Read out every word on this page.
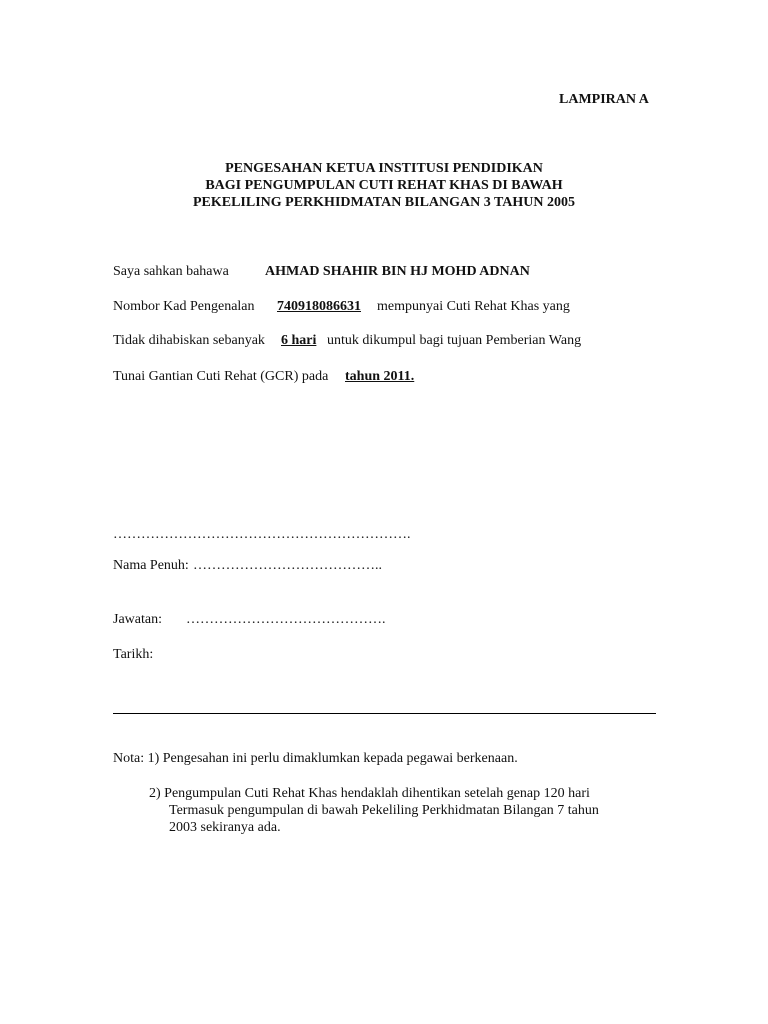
LAMPIRAN A
PENGESAHAN KETUA INSTITUSI PENDIDIKAN
BAGI PENGUMPULAN CUTI REHAT KHAS DI BAWAH
PEKELILING PERKHIDMATAN BILANGAN 3 TAHUN 2005
Saya sahkan bahawa	AHMAD SHAHIR BIN HJ MOHD ADNAN
Nombor Kad Pengenalan 740918086631 mempunyai Cuti Rehat Khas yang
Tidak dihabiskan sebanyak 6 hari untuk dikumpul bagi tujuan Pemberian Wang
Tunai Gantian Cuti Rehat (GCR) pada tahun 2011.
……………………………………………………….
Nama Penuh: …………………………………..
Jawatan: …………………………………….
Tarikh:
Nota: 1) Pengesahan ini perlu dimaklumkan kepada pegawai berkenaan.
2) Pengumpulan Cuti Rehat Khas hendaklah dihentikan setelah genap 120 hari
Termasuk pengumpulan di bawah Pekeliling Perkhidmatan Bilangan 7 tahun
2003 sekiranya ada.
